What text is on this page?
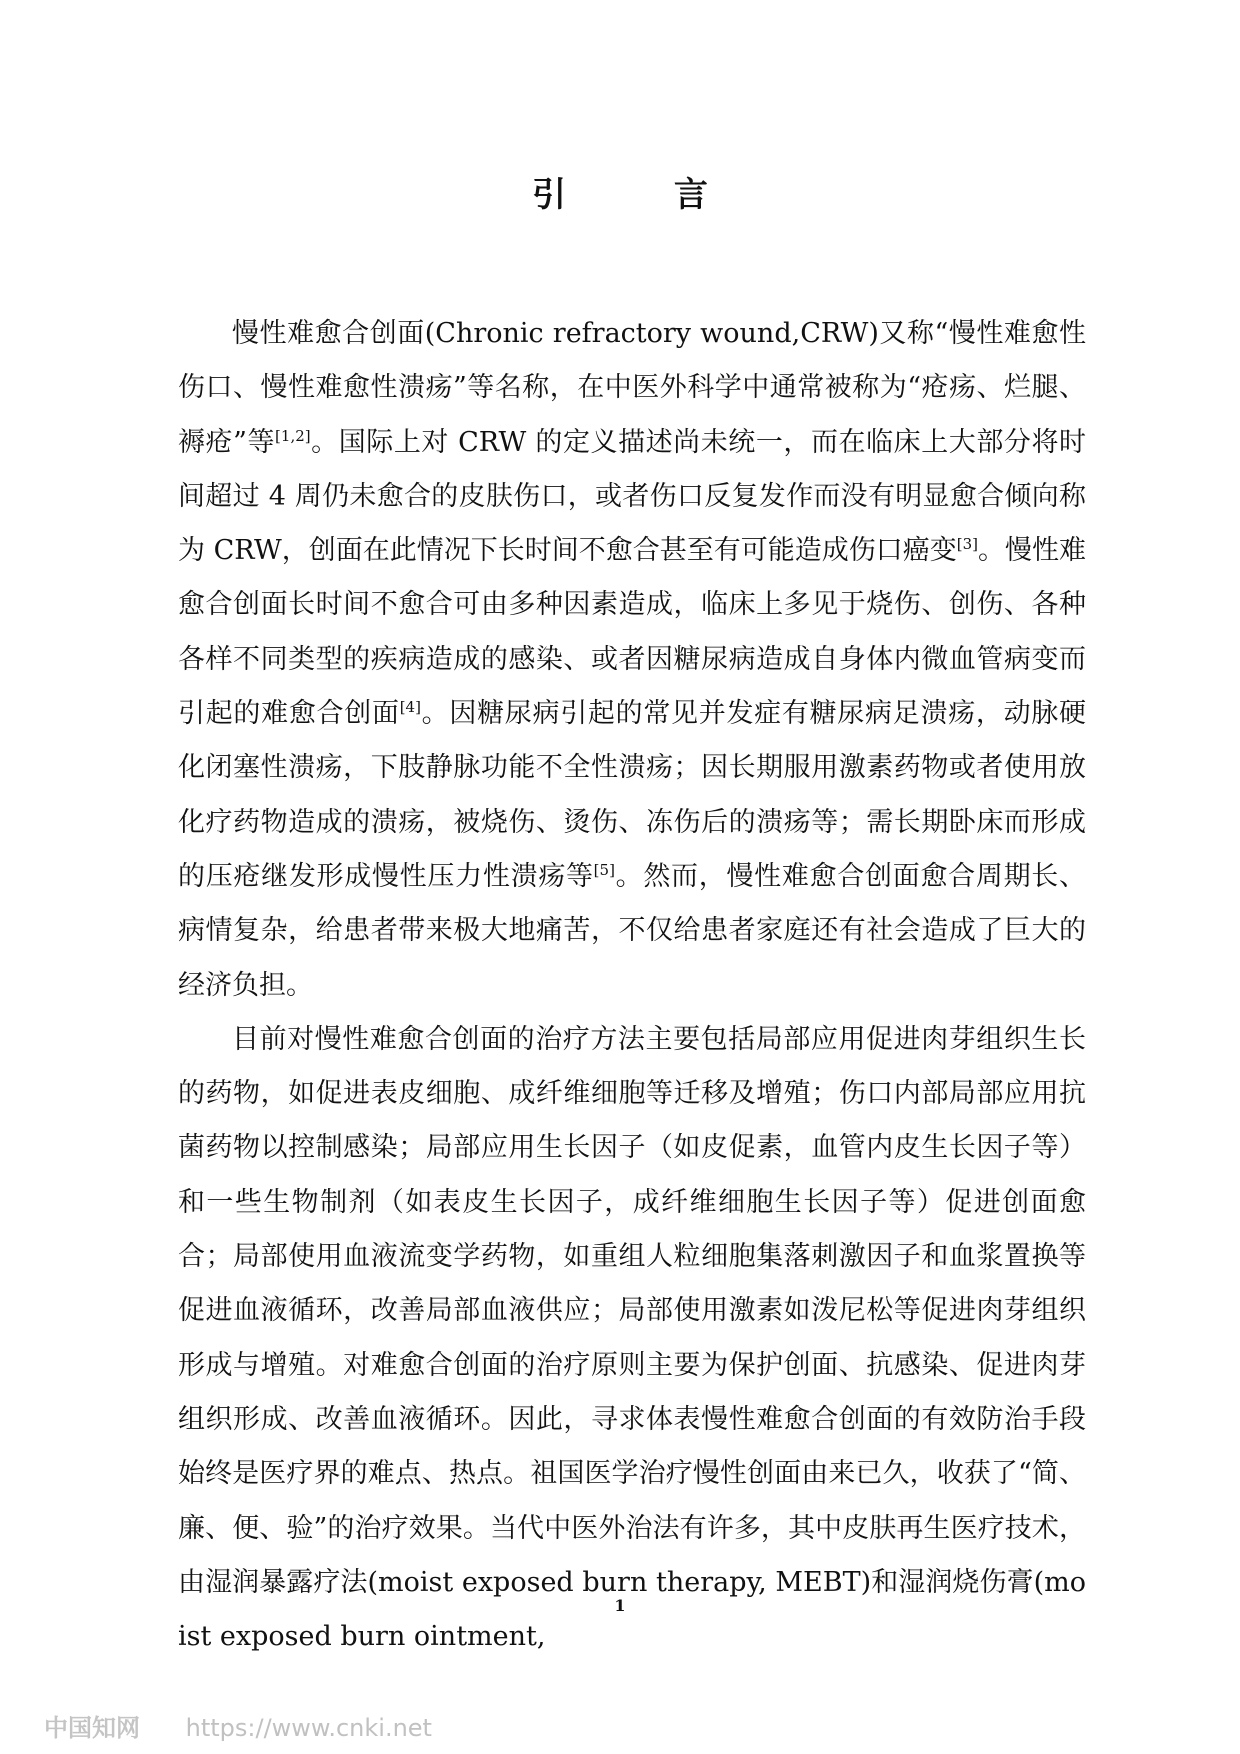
引 言

慢性难愈合创面(Chronic refractory wound,CRW)又称“慢性难愈性伤口、慢性难愈性溃疡”等名称，在中医外科学中通常被称为“疮疡、烂腿、褥疮”等[1,2]。国际上对 CRW 的定义描述尚未统一，而在临床上大部分将时间超过 4 周仍未愈合的皮肤伤口，或者伤口反复发作而没有明显愈合倾向称为 CRW，创面在此情况下长时间不愈合甚至有可能造成伤口癌变[3]。慢性难愈合创面长时间不愈合可由多种因素造成，临床上多见于烧伤、创伤、各种各样不同类型的疾病造成的感染、或者因糖尿病造成自身体内微血管病变而引起的难愈合创面[4]。因糖尿病引起的常见并发症有糖尿病足溃疡，动脉硬化闭塞性溃疡，下肢静脉功能不全性溃疡；因长期服用激素药物或者使用放化疗药物造成的溃疡，被烧伤、烫伤、冻伤后的溃疡等；需长期卧床而形成的压疮继发形成慢性压力性溃疡等[5]。然而，慢性难愈合创面愈合周期长、病情复杂，给患者带来极大地痛苦，不仅给患者家庭还有社会造成了巨大的经济负担。

目前对慢性难愈合创面的治疗方法主要包括局部应用促进肉芽组织生长的药物，如促进表皮细胞、成纤维细胞等迁移及增殖；伤口内部局部应用抗菌药物以控制感染；局部应用生长因子（如皮促素，血管内皮生长因子等）和一些生物制剂（如表皮生长因子，成纤维细胞生长因子等）促进创面愈合；局部使用血液流变学药物，如重组人粒细胞集落刺激因子和血浆置换等促进血液循环，改善局部血液供应；局部使用激素如泼尼松等促进肉芽组织形成与增殖。对难愈合创面的治疗原则主要为保护创面、抗感染、促进肉芽组织形成、改善血液循环。因此，寻求体表慢性难愈合创面的有效防治手段始终是医疗界的难点、热点。祖国医学治疗慢性创面由来已久，收获了“简、廉、便、验”的治疗效果。当代中医外治法有许多，其中皮肤再生医疗技术，由湿润暴露疗法(moist exposed burn therapy, MEBT)和湿润烧伤膏(moist exposed burn ointment,

1
中国知网 https://www.cnki.net
